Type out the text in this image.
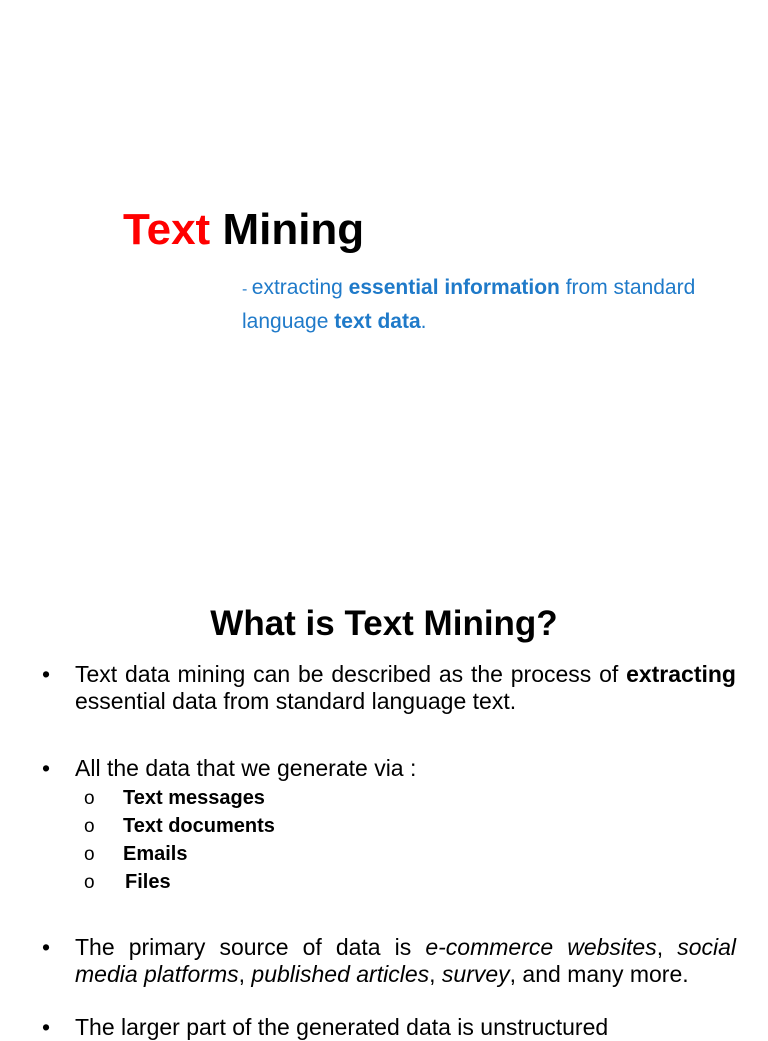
Text Mining
- extracting essential information from standard language text data.
What is Text Mining?
• Text data mining can be described as the process of extracting essential data from standard language text.
• All the data that we generate via :
o Text messages
o Text documents
o Emails
o Files
• The primary source of data is e-commerce websites, social media platforms, published articles, survey, and many more.
• The larger part of the generated data is unstructured
